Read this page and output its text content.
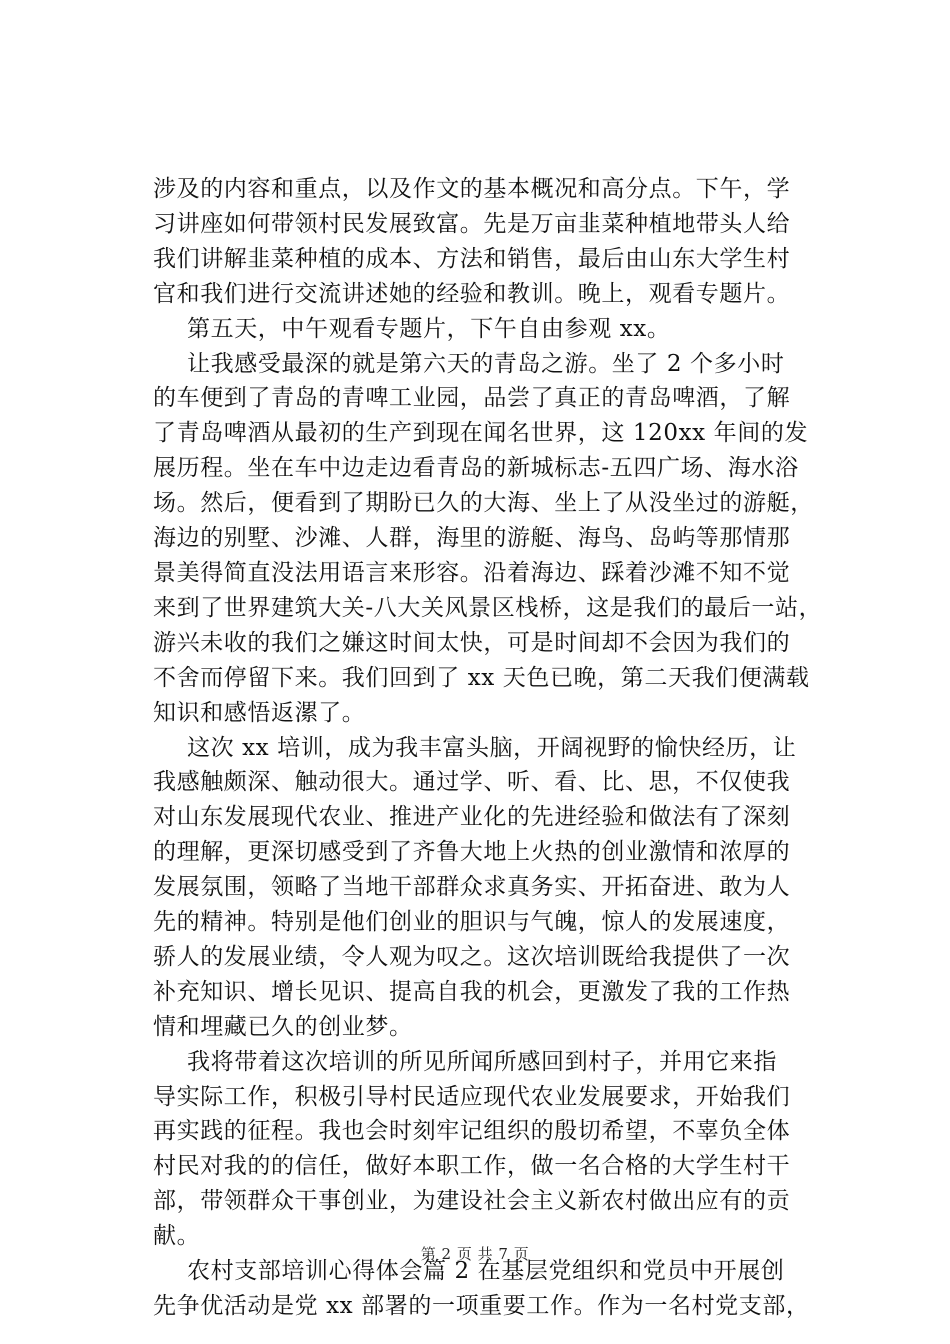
涉及的内容和重点，以及作文的基本概况和高分点。下午，学
习讲座如何带领村民发展致富。先是万亩韭菜种植地带头人给
我们讲解韭菜种植的成本、方法和销售，最后由山东大学生村
官和我们进行交流讲述她的经验和教训。晚上，观看专题片。

第五天，中午观看专题片，下午自由参观 xx。

让我感受最深的就是第六天的青岛之游。坐了 2 个多小时
的车便到了青岛的青啤工业园，品尝了真正的青岛啤酒，了解
了青岛啤酒从最初的生产到现在闻名世界，这 120xx 年间的发
展历程。坐在车中边走边看青岛的新城标志-五四广场、海水浴
场。然后，便看到了期盼已久的大海、坐上了从没坐过的游艇，
海边的别墅、沙滩、人群，海里的游艇、海鸟、岛屿等那情那
景美得简直没法用语言来形容。沿着海边、踩着沙滩不知不觉
来到了世界建筑大关-八大关风景区栈桥，这是我们的最后一站，
游兴未收的我们之嫌这时间太快，可是时间却不会因为我们的
不舍而停留下来。我们回到了 xx 天色已晚，第二天我们便满载
知识和感悟返漯了。

这次 xx 培训，成为我丰富头脑，开阔视野的愉快经历，让
我感触颇深、触动很大。通过学、听、看、比、思，不仅使我
对山东发展现代农业、推进产业化的先进经验和做法有了深刻
的理解，更深切感受到了齐鲁大地上火热的创业激情和浓厚的
发展氛围，领略了当地干部群众求真务实、开拓奋进、敢为人
先的精神。特别是他们创业的胆识与气魄，惊人的发展速度，
骄人的发展业绩，令人观为叹之。这次培训既给我提供了一次
补充知识、增长见识、提高自我的机会，更激发了我的工作热
情和埋藏已久的创业梦。

我将带着这次培训的所见所闻所感回到村子，并用它来指
导实际工作，积极引导村民适应现代农业发展要求，开始我们
再实践的征程。我也会时刻牢记组织的殷切希望，不辜负全体
村民对我的的信任，做好本职工作，做一名合格的大学生村干
部，带领群众干事创业，为建设社会主义新农村做出应有的贡
献。

农村支部培训心得体会篇 2 在基层党组织和党员中开展创
先争优活动是党 xx 部署的一项重要工作。作为一名村党支部，

第 2 页 共 7 页
